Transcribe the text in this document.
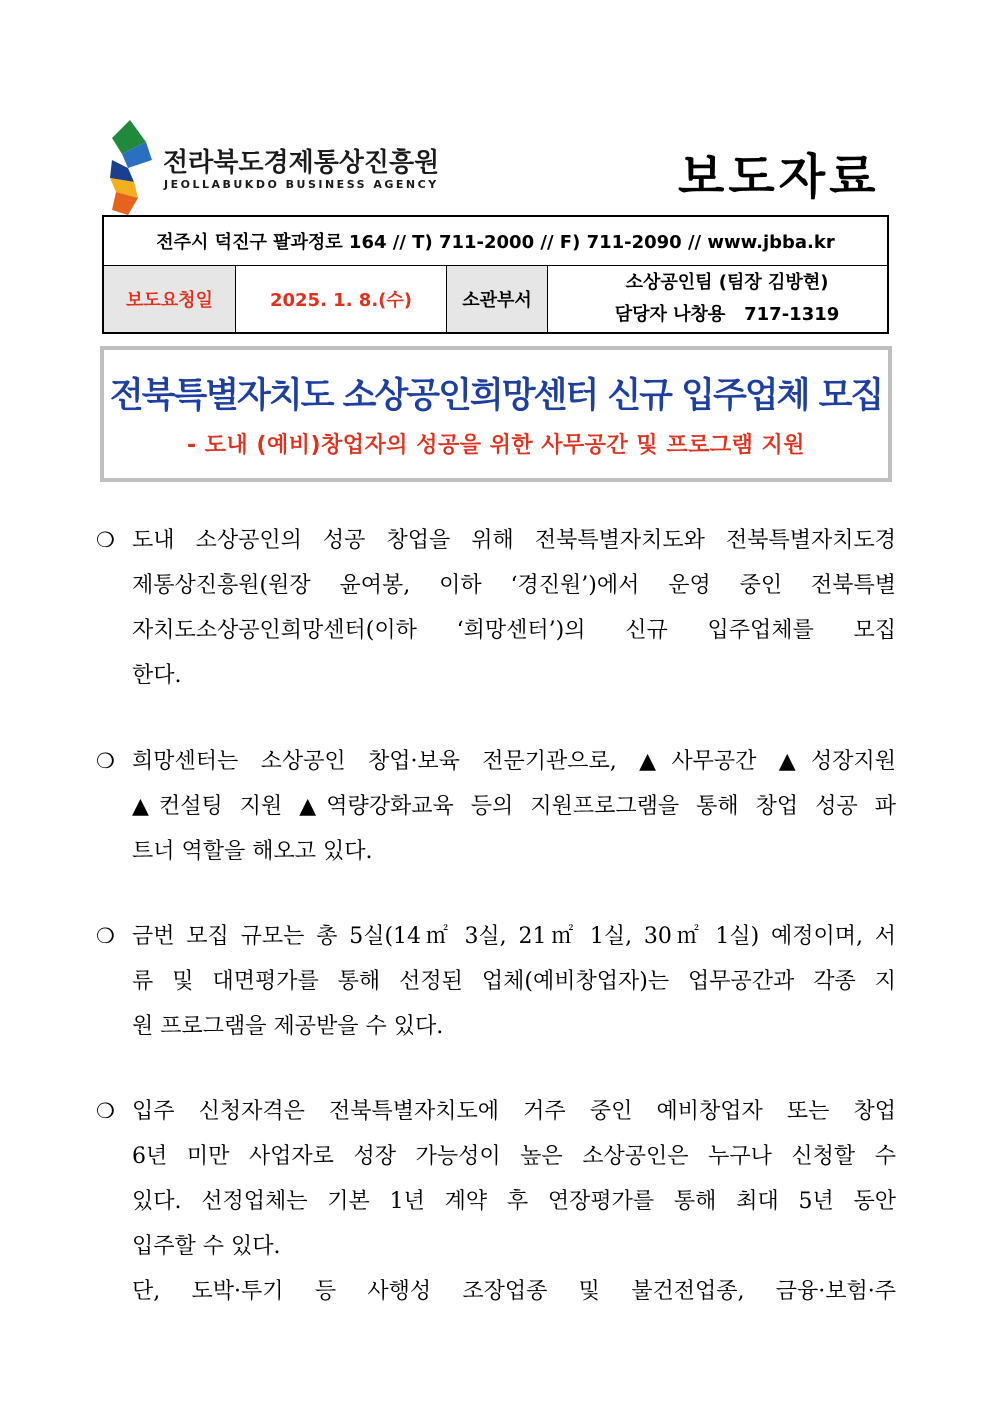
전라북도경제통상진흥원
JEOLLABUKDO BUSINESS AGENCY	보도자료
전주시 덕진구 팔과정로 164 // T) 711-2000 // F) 711-2090 // www.jbba.kr
보도요청일	2025. 1. 8.(수)	소관부서
소상공인팀 (팀장 김방현)
담당자 나창용 717-1319
전북특별자치도 소상공인희망센터 신규 입주업체 모집
- 도내 (예비)창업자의 성공을 위한 사무공간 및 프로그램 지원
❍ 도내 소상공인의 성공 창업을 위해 전북특별자치도와 전북특별자치도경
제통상진흥원(원장 윤여봉, 이하 ‘경진원’)에서 운영 중인 전북특별
자치도소상공인희망센터(이하 ‘희망센터’)의 신규 입주업체를 모집
한다.
❍ 희망센터는 소상공인 창업·보육 전문기관으로, ▲사무공간 ▲성장지원
▲컨설팅 지원 ▲역량강화교육 등의 지원프로그램을 통해 창업 성공 파
트너 역할을 해오고 있다.
❍ 금번 모집 규모는 총 5실(14㎡ 3실, 21㎡ 1실, 30㎡ 1실) 예정이며, 서
류 및 대면평가를 통해 선정된 업체(예비창업자)는 업무공간과 각종 지
원 프로그램을 제공받을 수 있다.
❍ 입주 신청자격은 전북특별자치도에 거주 중인 예비창업자 또는 창업
6년 미만 사업자로 성장 가능성이 높은 소상공인은 누구나 신청할 수
있다. 선정업체는 기본 1년 계약 후 연장평가를 통해 최대 5년 동안
입주할 수 있다.
단, 도박·투기 등 사행성 조장업종 및 불건전업종, 금융·보험·주
